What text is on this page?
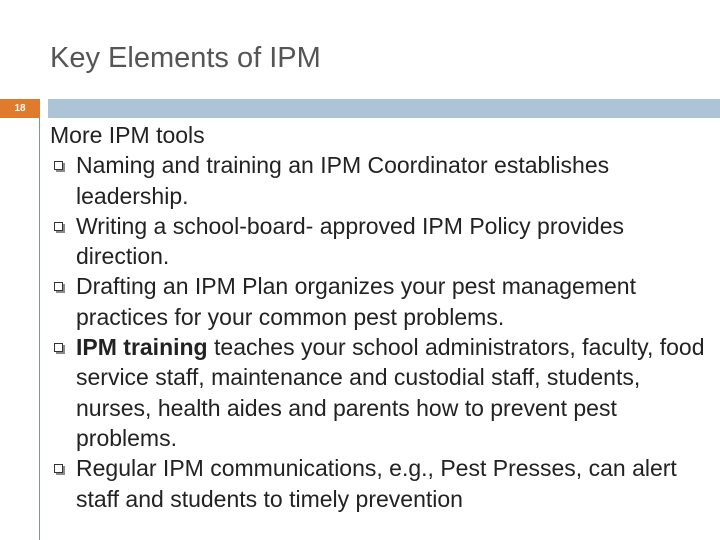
Key Elements of IPM
18
More IPM tools
Naming and training an IPM Coordinator establishes leadership.
Writing a school-board- approved IPM Policy provides direction.
Drafting an IPM Plan organizes your pest management practices for your common pest problems.
IPM training teaches your school administrators, faculty, food service staff, maintenance and custodial staff, students, nurses, health aides and parents how to prevent pest problems.
Regular IPM communications, e.g., Pest Presses, can alert staff and students to timely prevention
